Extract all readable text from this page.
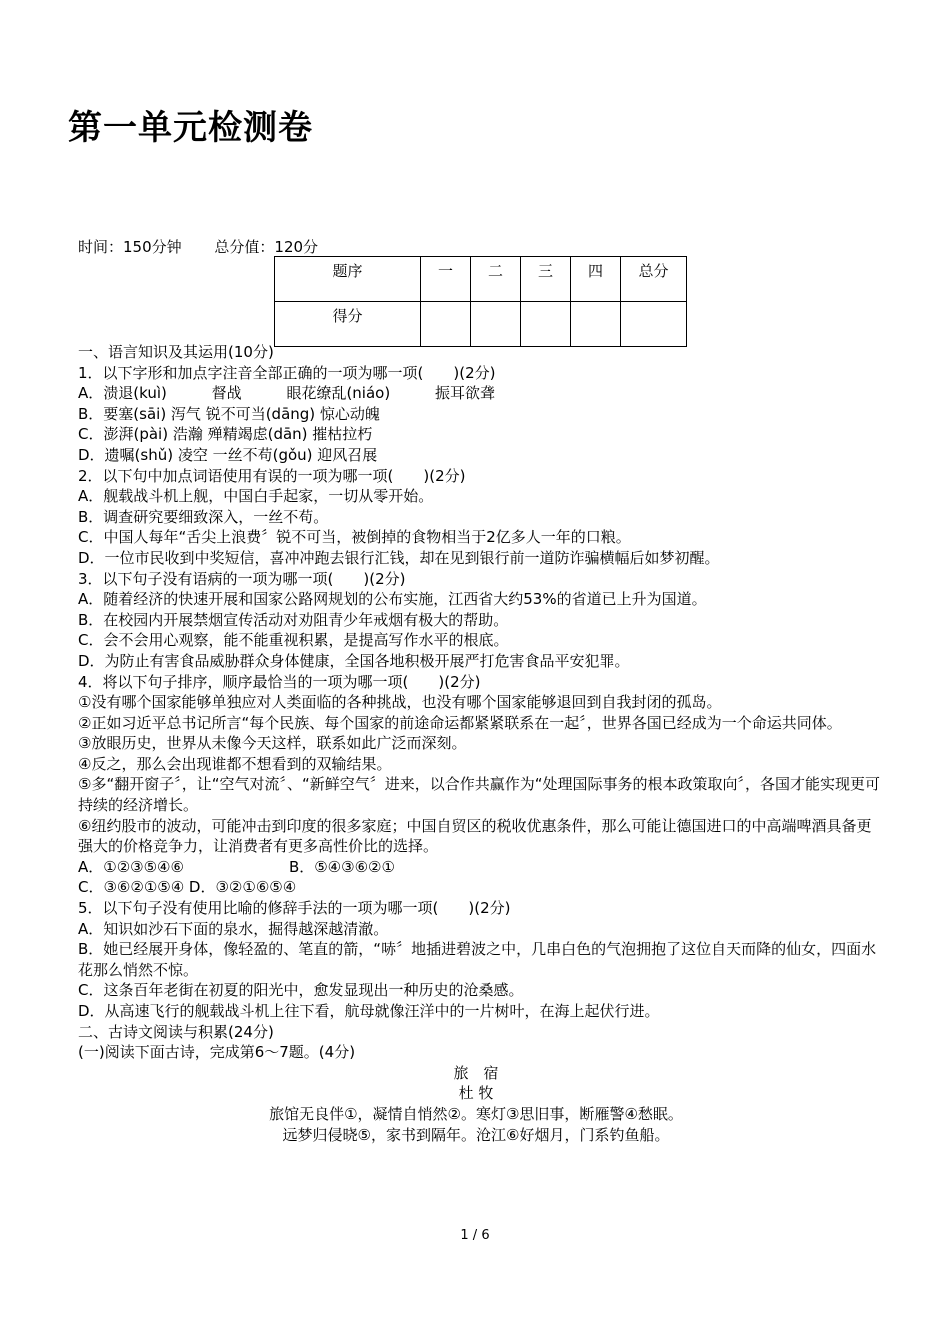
第一单元检测卷
时间：150分钟 总分值：120分
题序	一	二	三	四	总分
得分					
一、语言知识及其运用(10分)
1．以下字形和加点字注音全部正确的一项为哪一项(　　)(2分)
A．溃退(kuì)	督战	眼花缭乱(niáo)	振耳欲聋
B．要塞(sāi) 泻气 锐不可当(dāng) 惊心动魄
C．澎湃(pài) 浩瀚 殚精竭虑(dān) 摧枯拉朽
D．遗嘱(shǔ) 凌空 一丝不苟(gǒu) 迎风召展
2．以下句中加点词语使用有误的一项为哪一项(　　)(2分)
A．舰载战斗机上舰，中国白手起家，一切从零开始。
B．调查研究要细致深入，一丝不苟。
C．中国人每年“舌尖上浪费〞锐不可当，被倒掉的食物相当于2亿多人一年的口粮。
D．一位市民收到中奖短信，喜冲冲跑去银行汇钱，却在见到银行前一道防诈骗横幅后如梦初醒。
3．以下句子没有语病的一项为哪一项(　　)(2分)
A．随着经济的快速开展和国家公路网规划的公布实施，江西省大约53%的省道已上升为国道。
B．在校园内开展禁烟宣传活动对劝阻青少年戒烟有极大的帮助。
C．会不会用心观察，能不能重视积累，是提高写作水平的根底。
D．为防止有害食品威胁群众身体健康，全国各地积极开展严打危害食品平安犯罪。
4．将以下句子排序，顺序最恰当的一项为哪一项(　　)(2分)
①没有哪个国家能够单独应对人类面临的各种挑战，也没有哪个国家能够退回到自我封闭的孤岛。
②正如习近平总书记所言“每个民族、每个国家的前途命运都紧紧联系在一起〞，世界各国已经成为一个命运共同体。
③放眼历史，世界从未像今天这样，联系如此广泛而深刻。
④反之，那么会出现谁都不想看到的双输结果。
⑤多“翻开窗子〞，让“空气对流〞、“新鲜空气〞进来，以合作共赢作为“处理国际事务的根本政策取向〞，各国才能实现更可持续的经济增长。
⑥纽约股市的波动，可能冲击到印度的很多家庭；中国自贸区的税收优惠条件，那么可能让德国进口的中高端啤酒具备更强大的价格竞争力，让消费者有更多高性价比的选择。
A．①②③⑤④⑥　　　　　　　B．⑤④③⑥②①
C．③⑥②①⑤④ D．③②①⑥⑤④
5．以下句子没有使用比喻的修辞手法的一项为哪一项(　　)(2分)
A．知识如沙石下面的泉水，掘得越深越清澈。
B．她已经展开身体，像轻盈的、笔直的箭，“哧〞地插进碧波之中，几串白色的气泡拥抱了这位自天而降的仙女，四面水花那么悄然不惊。
C．这条百年老街在初夏的阳光中，愈发显现出一种历史的沧桑感。
D．从高速飞行的舰载战斗机上往下看，航母就像汪洋中的一片树叶，在海上起伏行进。
二、古诗文阅读与积累(24分)
(一)阅读下面古诗，完成第6～7题。(4分)
旅　宿
杜 牧
旅馆无良伴①，凝情自悄然②。寒灯③思旧事，断雁警④愁眠。
远梦归侵晓⑤，家书到隔年。沧江⑥好烟月，门系钓鱼船。
1 / 6
